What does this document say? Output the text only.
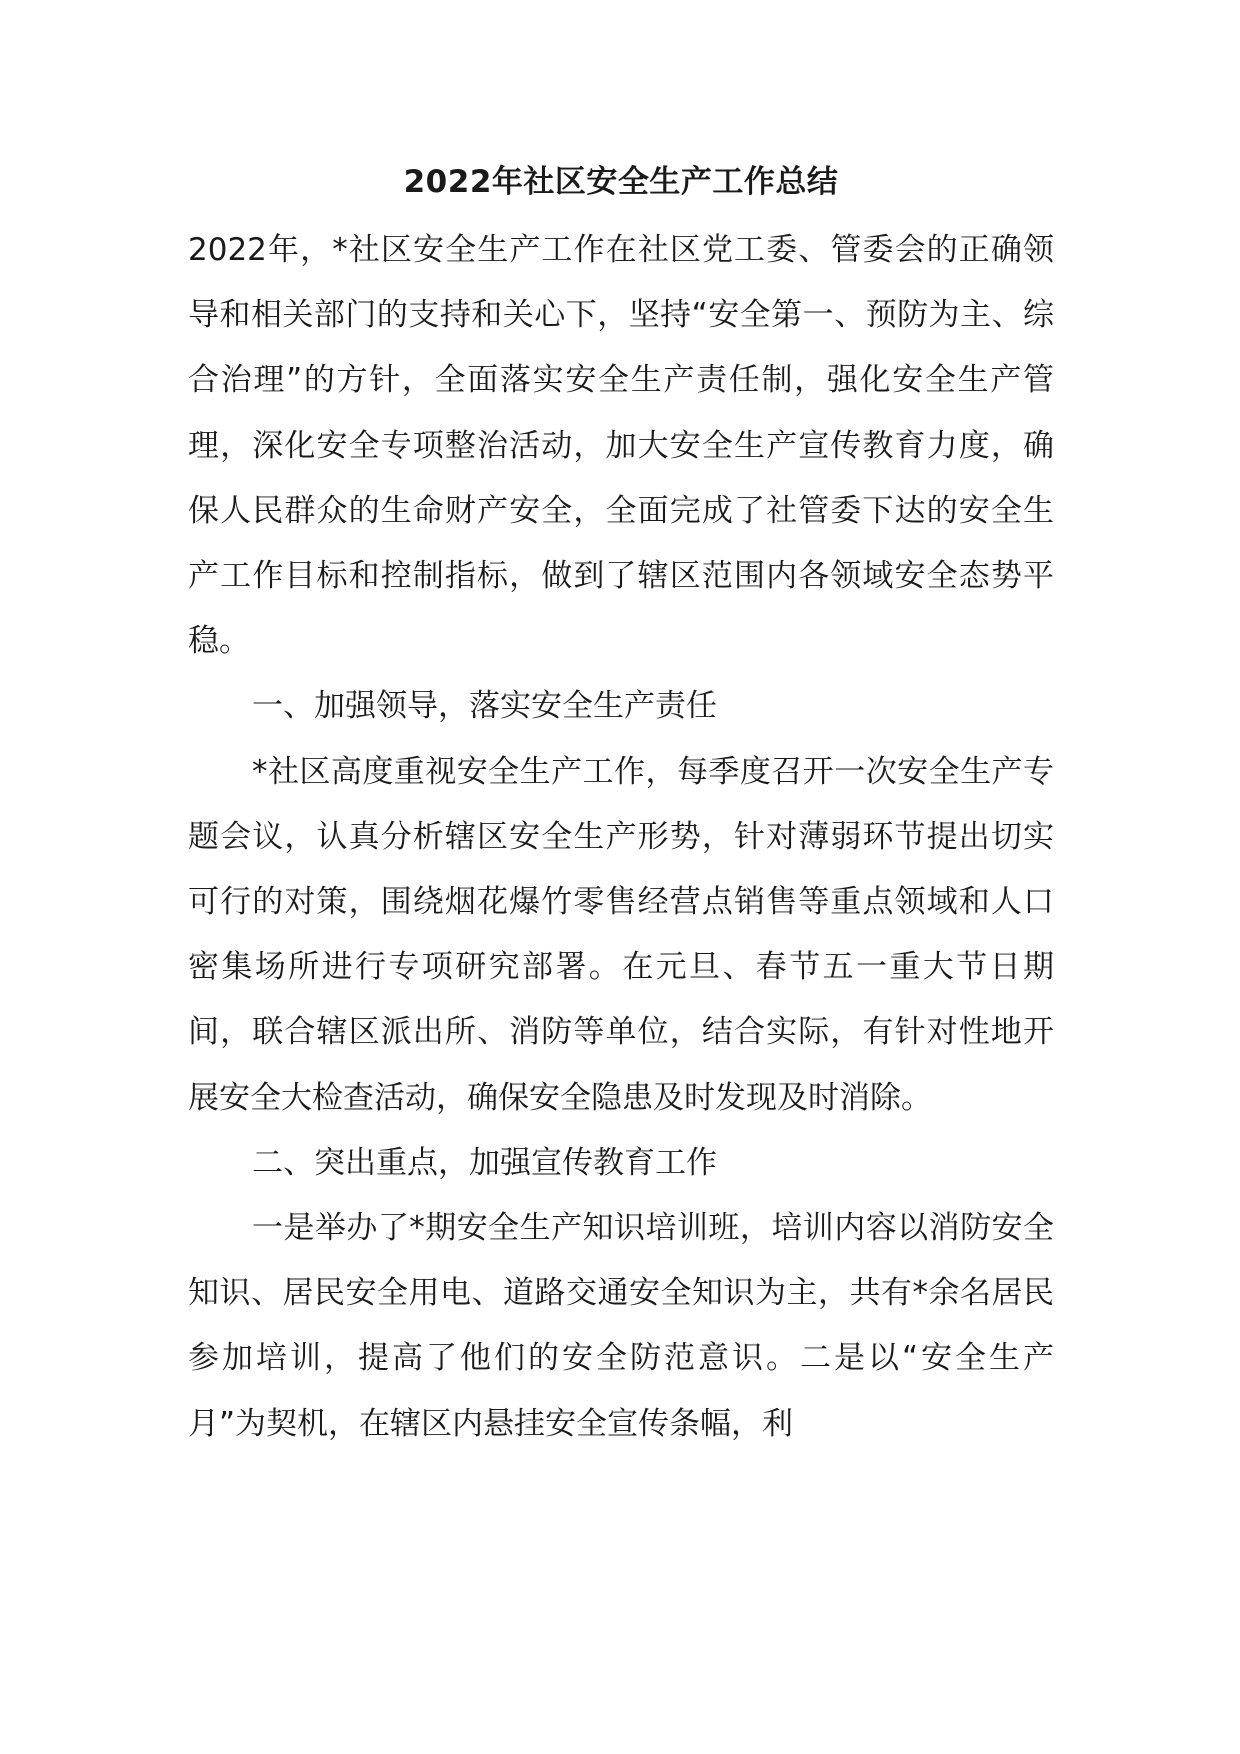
2022年社区安全生产工作总结

2022年，*社区安全生产工作在社区党工委、管委会的正确领导和相关部门的支持和关心下，坚持“安全第一、预防为主、综合治理”的方针，全面落实安全生产责任制，强化安全生产管理，深化安全专项整治活动，加大安全生产宣传教育力度，确保人民群众的生命财产安全，全面完成了社管委下达的安全生产工作目标和控制指标，做到了辖区范围内各领域安全态势平稳。

一、加强领导，落实安全生产责任

*社区高度重视安全生产工作，每季度召开一次安全生产专题会议，认真分析辖区安全生产形势，针对薄弱环节提出切实可行的对策，围绕烟花爆竹零售经营点销售等重点领域和人口密集场所进行专项研究部署。在元旦、春节五一重大节日期间，联合辖区派出所、消防等单位，结合实际，有针对性地开展安全大检查活动，确保安全隐患及时发现及时消除。

二、突出重点，加强宣传教育工作

一是举办了*期安全生产知识培训班，培训内容以消防安全知识、居民安全用电、道路交通安全知识为主，共有*余名居民参加培训，提高了他们的安全防范意识。二是以“安全生产月”为契机，在辖区内悬挂安全宣传条幅，利
